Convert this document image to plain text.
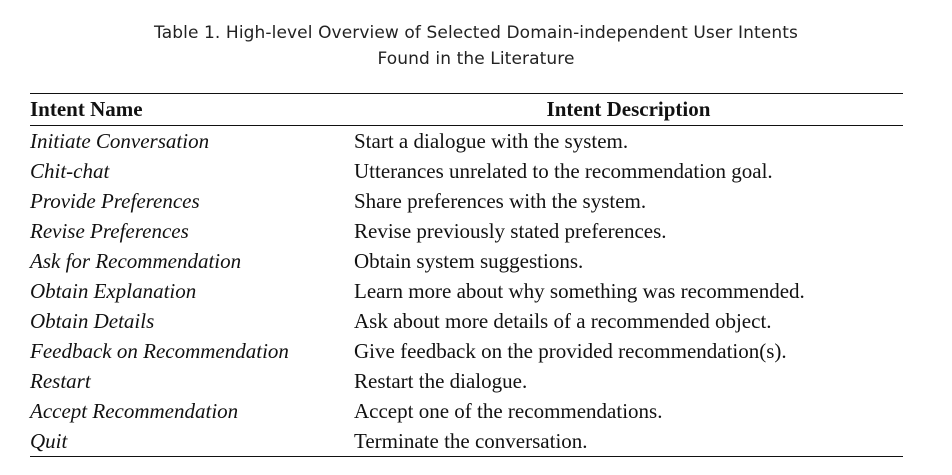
Table 1. High-level Overview of Selected Domain-independent User Intents
Found in the Literature
Intent Name	Intent Description
Initiate Conversation	Start a dialogue with the system.
Chit-chat	Utterances unrelated to the recommendation goal.
Provide Preferences	Share preferences with the system.
Revise Preferences	Revise previously stated preferences.
Ask for Recommendation	Obtain system suggestions.
Obtain Explanation	Learn more about why something was recommended.
Obtain Details	Ask about more details of a recommended object.
Feedback on Recommendation	Give feedback on the provided recommendation(s).
Restart	Restart the dialogue.
Accept Recommendation	Accept one of the recommendations.
Quit	Terminate the conversation.
